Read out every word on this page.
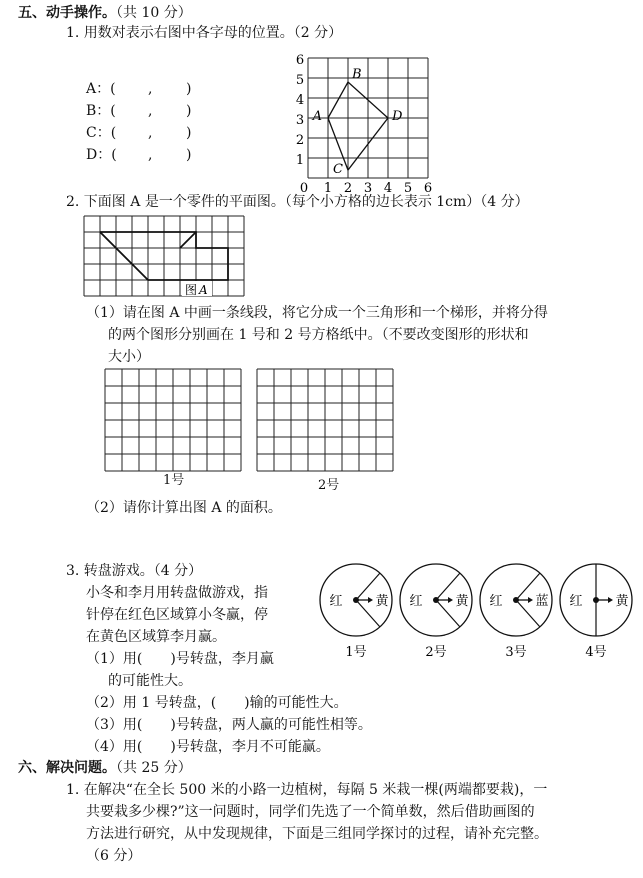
五、动手操作。（共 10 分）
1. 用数对表示右图中各字母的位置。（2 分）
A：( , )
B：( , )
C：( , )
D：( , )
6
5
4
3
2
1
0 1 2 3 4 5 6
A
B
C
D
2. 下面图 A 是一个零件的平面图。（每个小方格的边长表示 1cm）（4 分）
图 A
（1）请在图 A 中画一条线段，将它分成一个三角形和一个梯形，并将分得
的两个图形分别画在 1 号和 2 号方格纸中。（不要改变图形的形状和
大小）
1号	2号
（2）请你计算出图 A 的面积。
3. 转盘游戏。（4 分）
小冬和李月用转盘做游戏，指
针停在红色区域算小冬赢，停
在黄色区域算李月赢。
（1）用(　　)号转盘，李月赢
的可能性大。
（2）用 1 号转盘，(　　)输的可能性大。
（3）用(　　)号转盘，两人赢的可能性相等。
（4）用(　　)号转盘，李月不可能赢。
红	黄
1号
红	黄
2号
红	蓝
3号
红	黄
4号
六、解决问题。（共 25 分）
1. 在解决“在全长 500 米的小路一边植树，每隔 5 米栽一棵(两端都要栽)，一
共要栽多少棵?”这一问题时，同学们先选了一个简单数，然后借助画图的
方法进行研究，从中发现规律，下面是三组同学探讨的过程，请补充完整。
（6 分）
